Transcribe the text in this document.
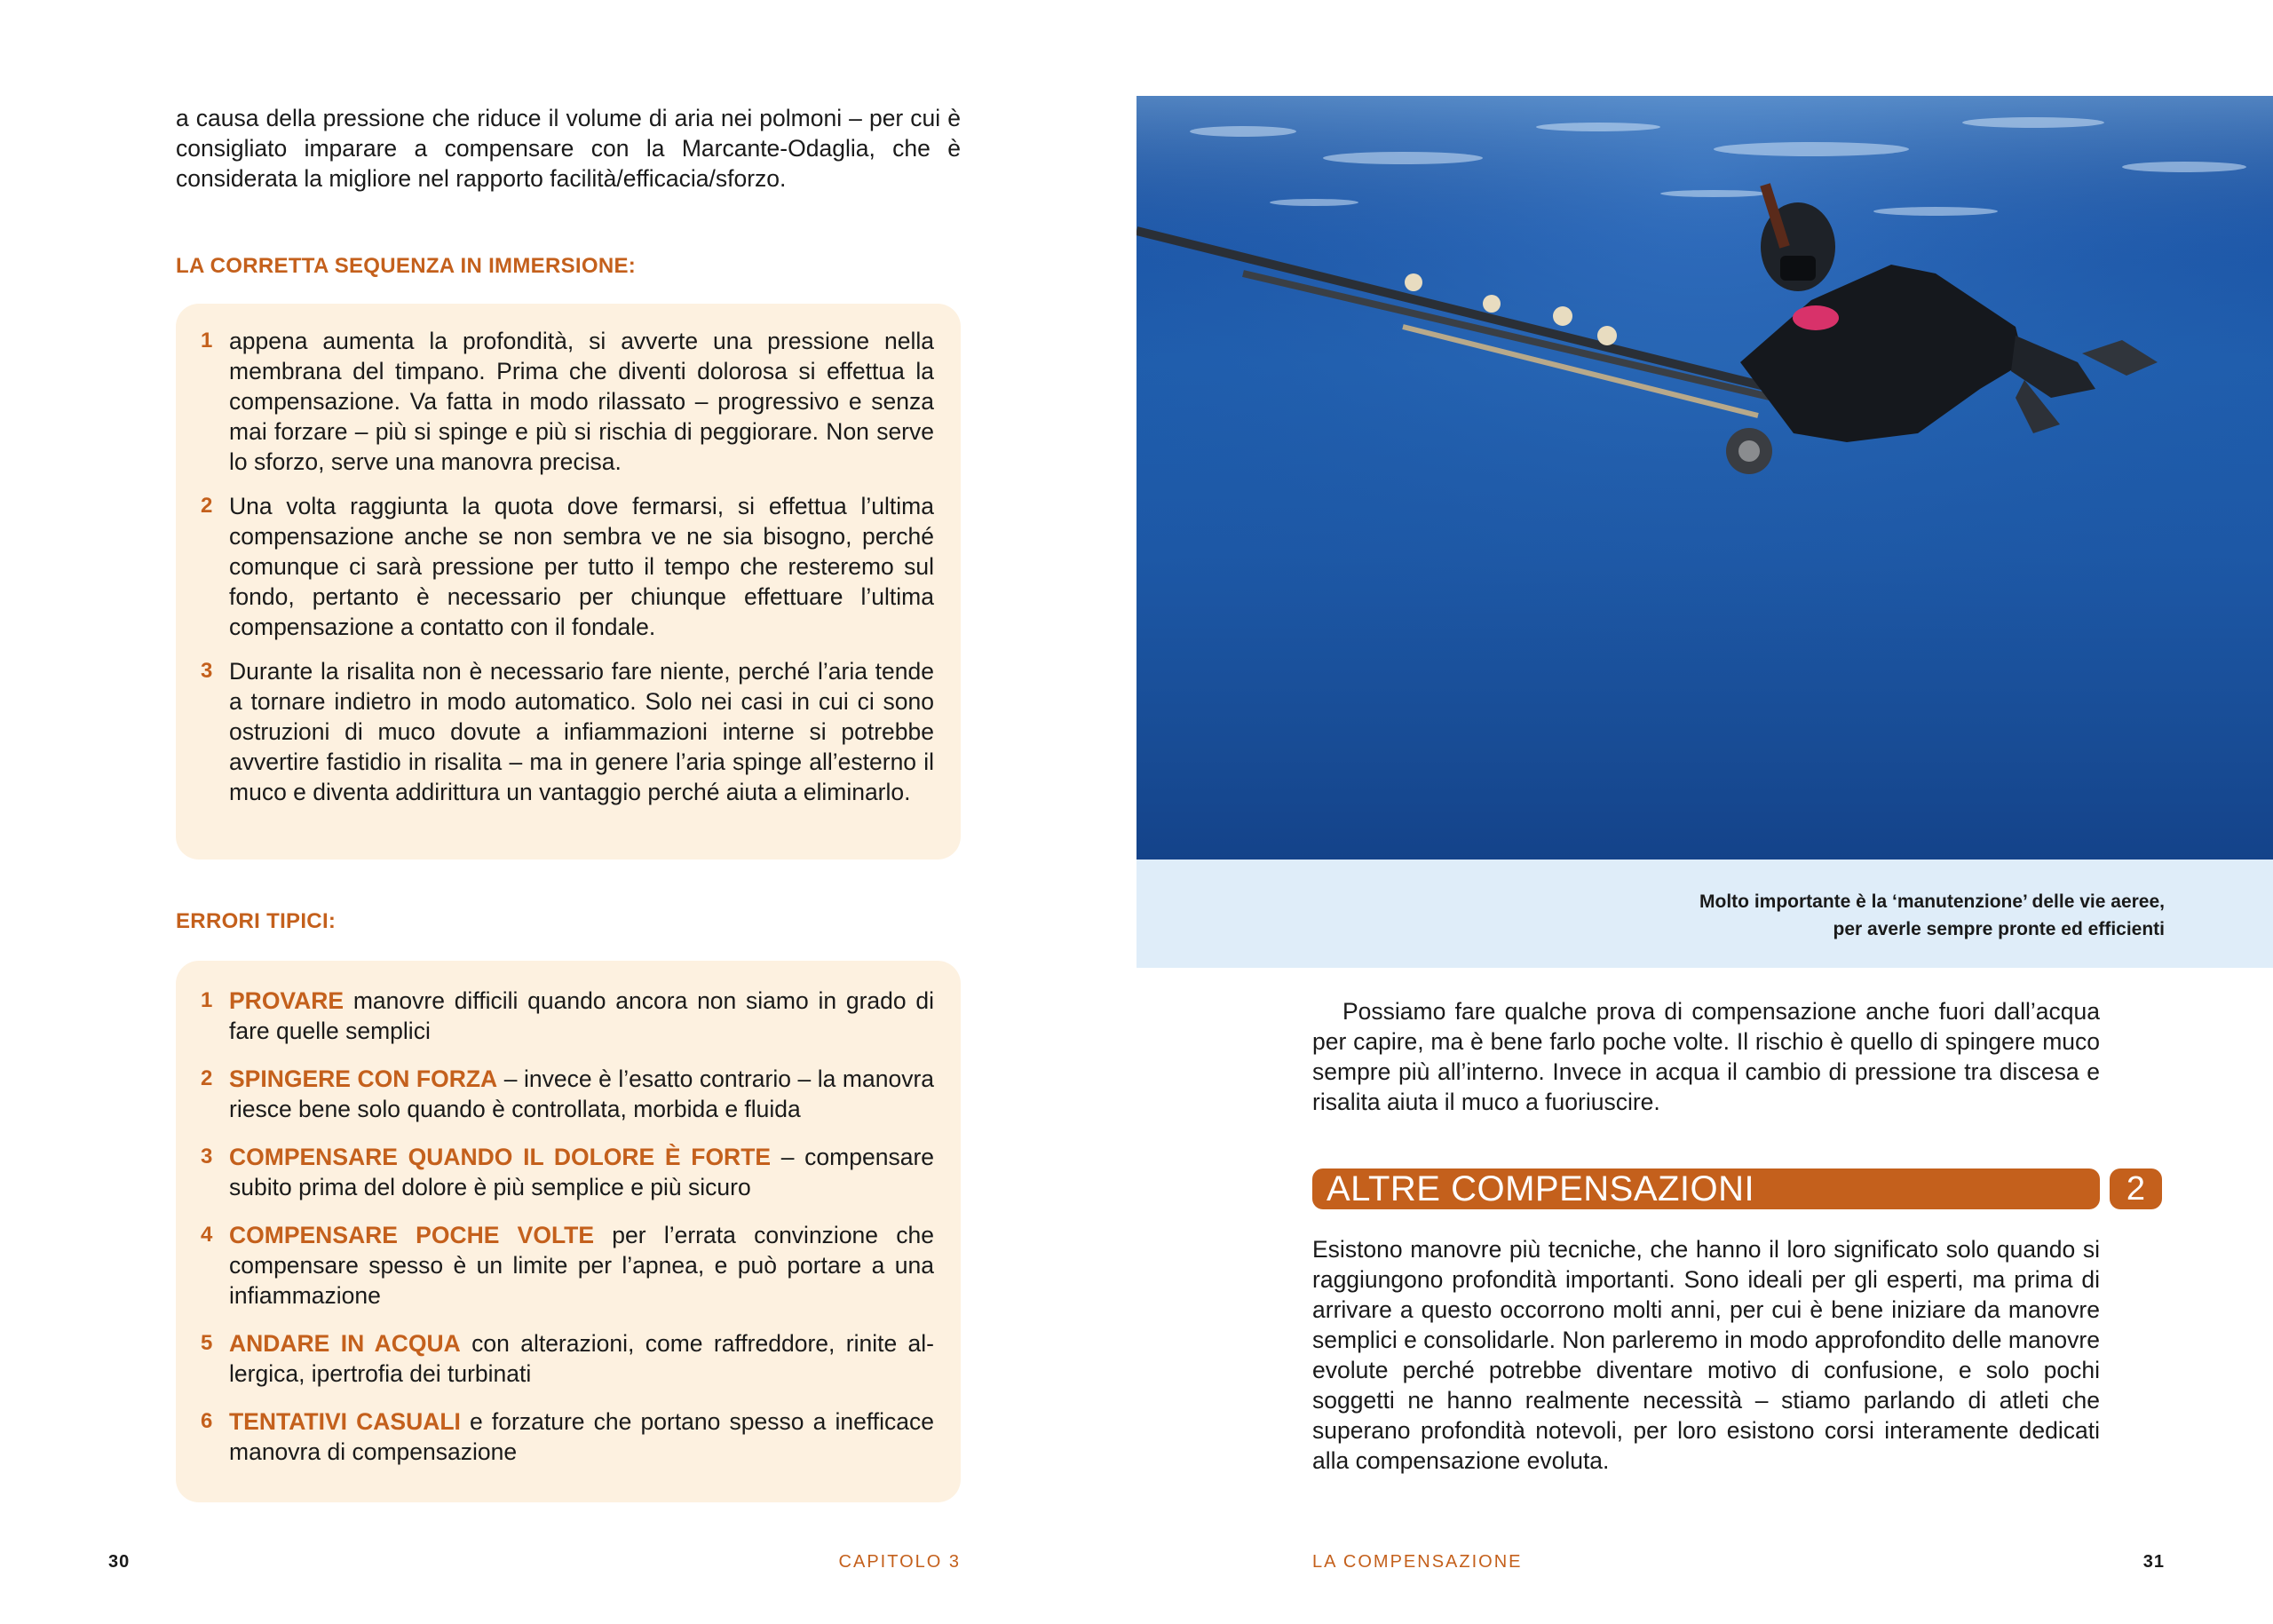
a causa della pressione che riduce il volume di aria nei polmoni – per cui è consigliato imparare a compensare con la Marcante-Odaglia, che è considerata la migliore nel rapporto facilità/efficacia/sforzo.

LA CORRETTA SEQUENZA IN IMMERSIONE:
1 appena aumenta la profondità, si avverte una pressione nella membrana del timpano. Prima che diventi dolorosa si effettua la compensazione. Va fatta in modo rilassato – progressivo e senza mai forzare – più si spinge e più si rischia di peggiorare. Non serve lo sforzo, serve una manovra precisa.
2 Una volta raggiunta la quota dove fermarsi, si effettua l’ultima compensazione anche se non sembra ve ne sia bisogno, perché comunque ci sarà pressione per tutto il tempo che resteremo sul fondo, pertanto è necessario per chiunque effettuare l’ultima compensazione a contatto con il fondale.
3 Durante la risalita non è necessario fare niente, perché l’aria tende a tornare indietro in modo automatico. Solo nei casi in cui ci sono ostruzioni di muco dovute a infiammazioni interne si potrebbe avvertire fastidio in risalita – ma in genere l’aria spinge all’esterno il muco e diventa addirittura un vantaggio perché aiuta a eliminarlo.
ERRORI TIPICI:
1 PROVARE manovre difficili quando ancora non siamo in grado di fare quelle semplici
2 SPINGERE CON FORZA – invece è l’esatto contrario – la manovra riesce bene solo quando è controllata, morbida e fluida
3 COMPENSARE QUANDO IL DOLORE È FORTE – compensare subito prima del dolore è più semplice e più sicuro
4 COMPENSARE POCHE VOLTE per l’errata convinzione che compensare spesso è un limite per l’apnea, e può portare a una infiammazione
5 ANDARE IN ACQUA con alterazioni, come raffreddore, rinite allergica, ipertrofia dei turbinati
6 TENTATIVI CASUALI e forzature che portano spesso a inefficace manovra di compensazione
30	CAPITOLO 3

Molto importante è la ‘manutenzione’ delle vie aeree,
per averle sempre pronte ed efficienti

Possiamo fare qualche prova di compensazione anche fuori dall’acqua per capire, ma è bene farlo poche volte. Il rischio è quello di spingere muco sempre più all’interno. Invece in acqua il cambio di pressione tra discesa e risalita aiuta il muco a fuoriuscire.

ALTRE COMPENSAZIONI	2

Esistono manovre più tecniche, che hanno il loro significato solo quando si raggiungono profondità importanti. Sono ideali per gli esperti, ma prima di arrivare a questo occorrono molti anni, per cui è bene iniziare da manovre semplici e consolidarle. Non parleremo in modo approfondito delle manovre evolute perché potrebbe diventare motivo di confusione, e solo pochi soggetti ne hanno realmente necessità – stiamo parlando di atleti che superano profondità notevoli, per loro esistono corsi interamente dedicati alla compensazione evoluta.

LA COMPENSAZIONE	31
